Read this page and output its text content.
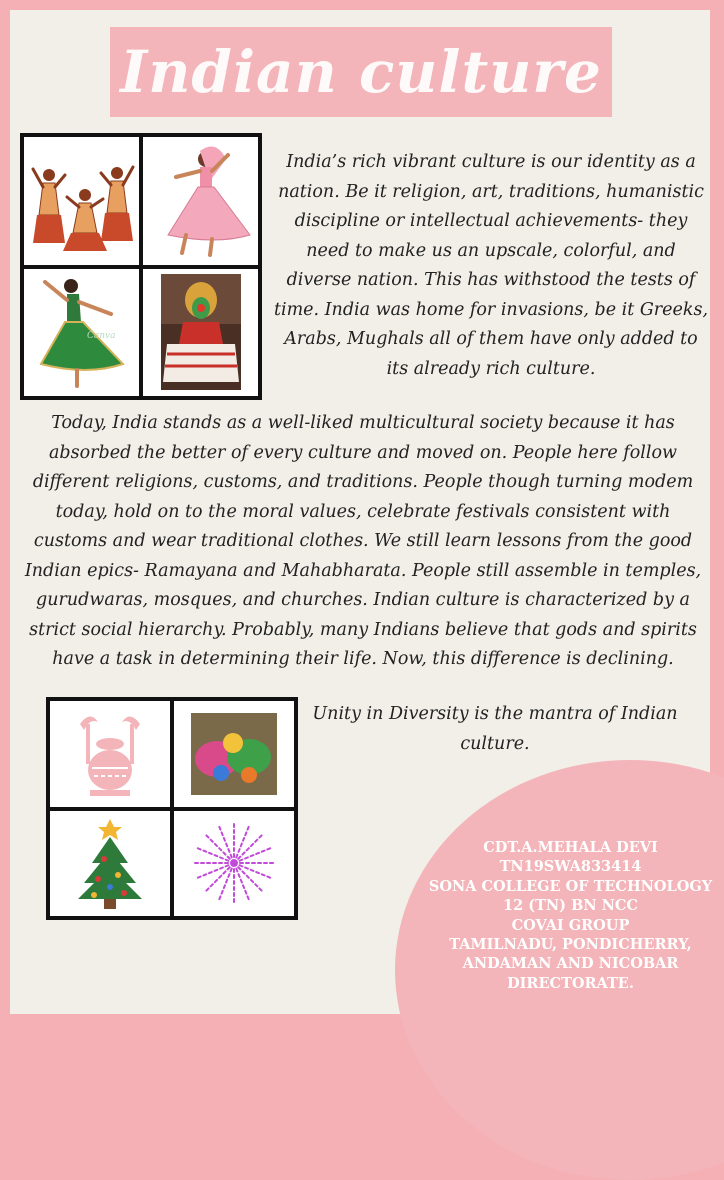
Indian culture
Canva
India’s rich vibrant culture is our identity as a nation. Be it religion, art, traditions, humanistic discipline or intellectual achievements- they need to make us an upscale, colorful, and diverse nation. This has withstood the tests of time. India was home for invasions, be it Greeks, Arabs, Mughals all of them have only added to its already rich culture.
Today, India stands as a well-liked multicultural society because it has absorbed the better of every culture and moved on. People here follow different religions, customs, and traditions. People though turning modem today, hold on to the moral values, celebrate festivals consistent with customs and wear traditional clothes. We still learn lessons from the good Indian epics- Ramayana and Mahabharata. People still assemble in temples, gurudwaras, mosques, and churches. Indian culture is characterized by a strict social hierarchy. Probably, many Indians believe that gods and spirits have a task in determining their life. Now, this difference is declining.
Unity in Diversity is the mantra of Indian culture.
CDT.A.MEHALA DEVI
TN19SWA833414
SONA COLLEGE OF TECHNOLOGY
12 (TN) BN NCC
COVAI GROUP
TAMILNADU, PONDICHERRY,
ANDAMAN AND NICOBAR
DIRECTORATE.
